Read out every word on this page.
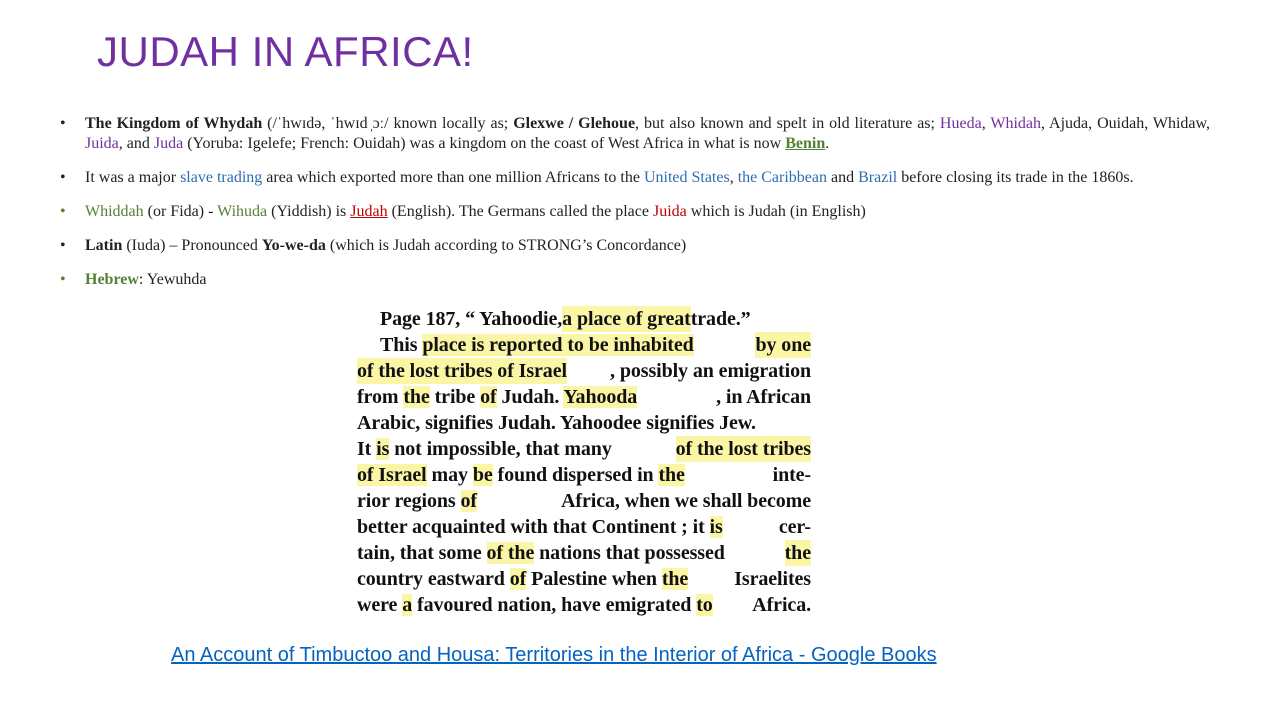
JUDAH IN AFRICA!
• The Kingdom of Whydah (/ˈhwɪdə, ˈhwɪd ̩ɔː/ known locally as; Glexwe / Glehoue, but also known and spelt in old literature as; Hueda, Whidah, Ajuda, Ouidah, Whidaw, Juida, and Juda (Yoruba: Igelefe; French: Ouidah) was a kingdom on the coast of West Africa in what is now Benin.
• It was a major slave trading area which exported more than one million Africans to the United States, the Caribbean and Brazil before closing its trade in the 1860s.
• Whiddah (or Fida) - Wihuda (Yiddish) is Judah (English). The Germans called the place Juida which is Judah (in English)
• Latin (Iuda) – Pronounced Yo-we-da (which is Judah according to STRONG’s Concordance)
• Hebrew: Yewuhda
Page 187, “ Yahoodie, a place of great trade.”
This place is reported to be inhabited	by one
of the lost tribes of Israel , possibly an emigration
from the tribe of Judah. Yahooda	, in African
Arabic, signifies Judah. Yahoodee signifies Jew.
It is not impossible, that many	of the lost tribes
of Israel may be found dispersed in the	inte-
rior regions of	Africa, when we shall become
better acquainted with that Continent ; it is	cer-
tain, that some of the nations that possessed	the
country eastward of Palestine when the Israelites
were a favoured nation, have emigrated to Africa.
An Account of Timbuctoo and Housa: Territories in the Interior of Africa - Google Books
